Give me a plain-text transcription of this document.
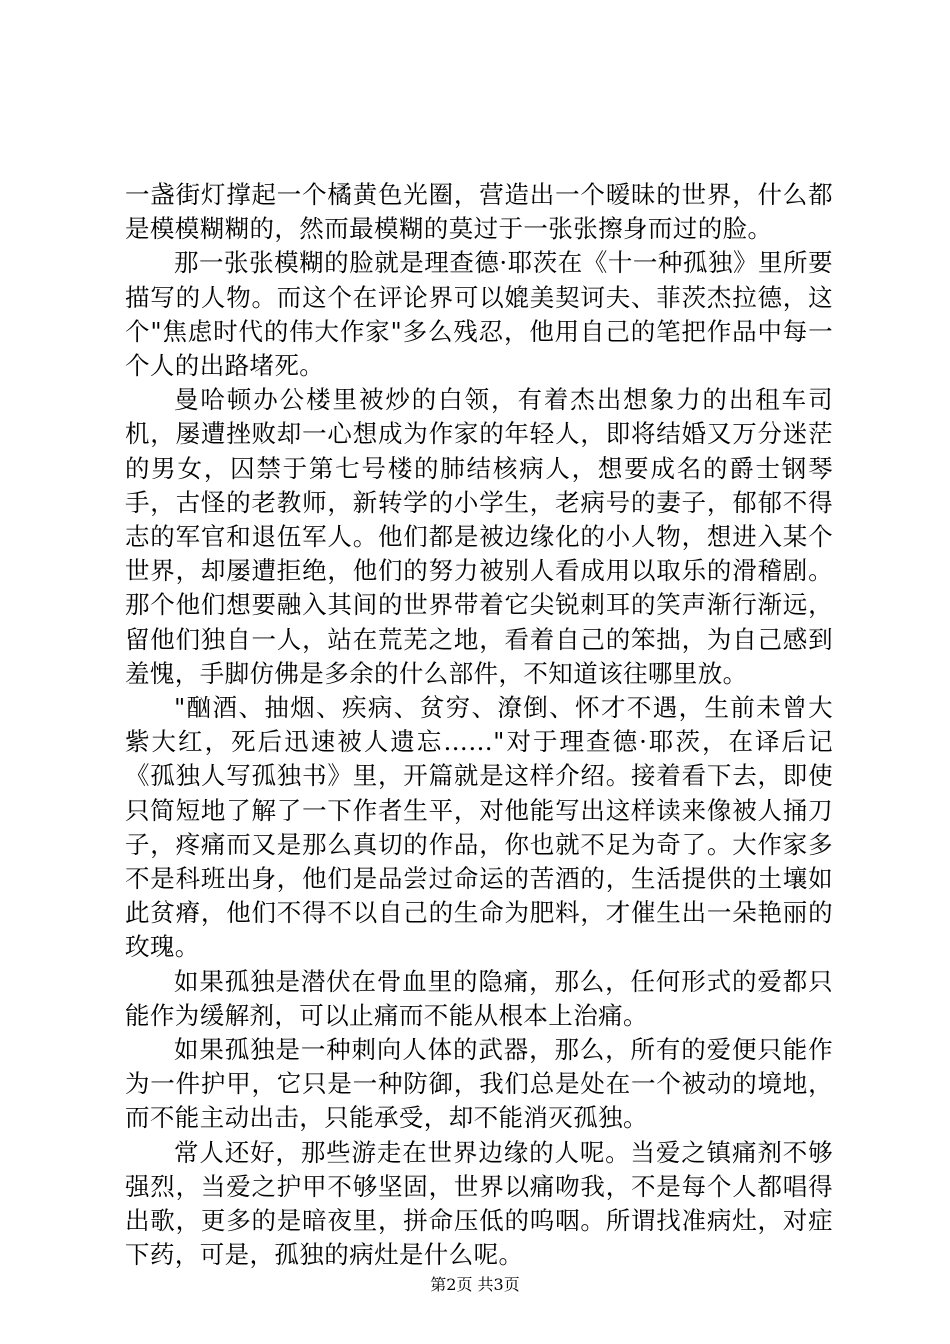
一盏街灯撑起一个橘黄色光圈，营造出一个暧昧的世界，什么都是模模糊糊的，然而最模糊的莫过于一张张擦身而过的脸。

那一张张模糊的脸就是理查德·耶茨在《十一种孤独》里所要描写的人物。而这个在评论界可以媲美契诃夫、菲茨杰拉德，这个"焦虑时代的伟大作家"多么残忍，他用自己的笔把作品中每一个人的出路堵死。

曼哈顿办公楼里被炒的白领，有着杰出想象力的出租车司机，屡遭挫败却一心想成为作家的年轻人，即将结婚又万分迷茫的男女，囚禁于第七号楼的肺结核病人，想要成名的爵士钢琴手，古怪的老教师，新转学的小学生，老病号的妻子，郁郁不得志的军官和退伍军人。他们都是被边缘化的小人物，想进入某个世界，却屡遭拒绝，他们的努力被别人看成用以取乐的滑稽剧。那个他们想要融入其间的世界带着它尖锐刺耳的笑声渐行渐远，留他们独自一人，站在荒芜之地，看着自己的笨拙，为自己感到羞愧，手脚仿佛是多余的什么部件，不知道该往哪里放。

"酗酒、抽烟、疾病、贫穷、潦倒、怀才不遇，生前未曾大紫大红，死后迅速被人遗忘……"对于理查德·耶茨，在译后记《孤独人写孤独书》里，开篇就是这样介绍。接着看下去，即使只简短地了解了一下作者生平，对他能写出这样读来像被人捅刀子，疼痛而又是那么真切的作品，你也就不足为奇了。大作家多不是科班出身，他们是品尝过命运的苦酒的，生活提供的土壤如此贫瘠，他们不得不以自己的生命为肥料，才催生出一朵艳丽的玫瑰。

如果孤独是潜伏在骨血里的隐痛，那么，任何形式的爱都只能作为缓解剂，可以止痛而不能从根本上治痛。

如果孤独是一种刺向人体的武器，那么，所有的爱便只能作为一件护甲，它只是一种防御，我们总是处在一个被动的境地，而不能主动出击，只能承受，却不能消灭孤独。

常人还好，那些游走在世界边缘的人呢。当爱之镇痛剂不够强烈，当爱之护甲不够坚固，世界以痛吻我，不是每个人都唱得出歌，更多的是暗夜里，拼命压低的呜咽。所谓找准病灶，对症下药，可是，孤独的病灶是什么呢。

第2页 共3页
